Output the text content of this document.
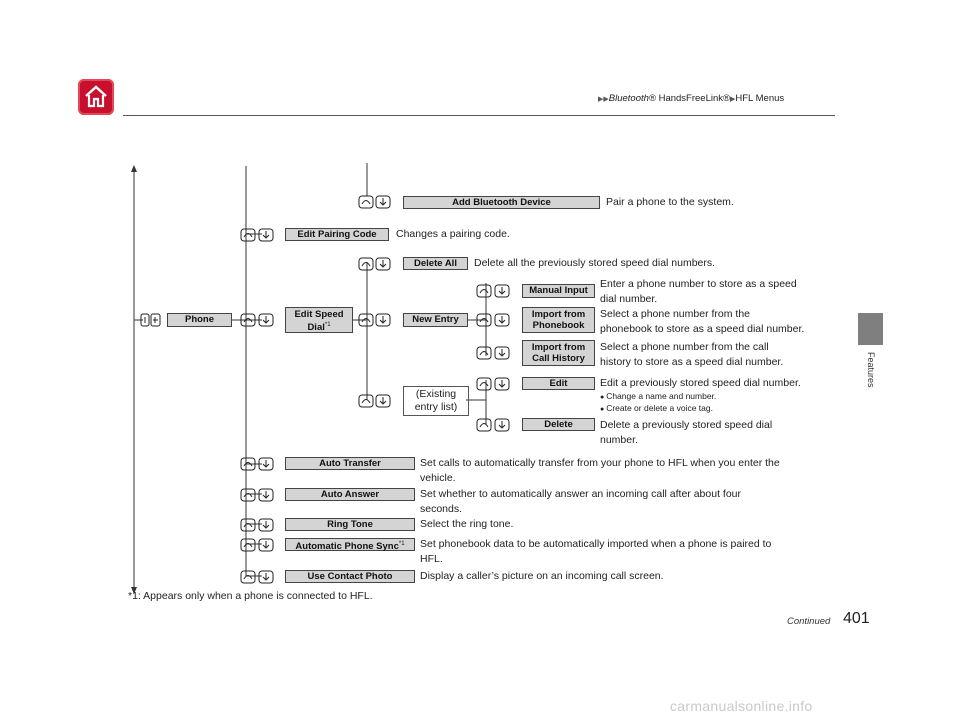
▶▶Bluetooth® HandsFreeLink®▶HFL Menus
Features
Phone
Add Bluetooth Device	Pair a phone to the system.
Edit Pairing Code	Changes a pairing code.
Edit Speed
Dial$^{*1}$
Delete All	Delete all the previously stored speed dial numbers.
New Entry
Manual Input
Enter a phone number to store as a speed
dial number.
Import from
Phonebook
Select a phone number from the
phonebook to store as a speed dial number.
Import from
Call History
Select a phone number from the call
history to store as a speed dial number.
(Existing
entry list)
Edit	Edit a previously stored speed dial number.
● Change a name and number.
● Create or delete a voice tag.
Delete	Delete a previously stored speed dial
number.
Auto Transfer	Set calls to automatically transfer from your phone to HFL when you enter the
vehicle.
Auto Answer	Set whether to automatically answer an incoming call after about four
seconds.
Ring Tone	Select the ring tone.
Automatic Phone Sync$^{*1}$	Set phonebook data to be automatically imported when a phone is paired to
HFL.
Use Contact Photo	Display a caller’s picture on an incoming call screen.
*1: Appears only when a phone is connected to HFL.
Continued 401
carmanualsonline.info
